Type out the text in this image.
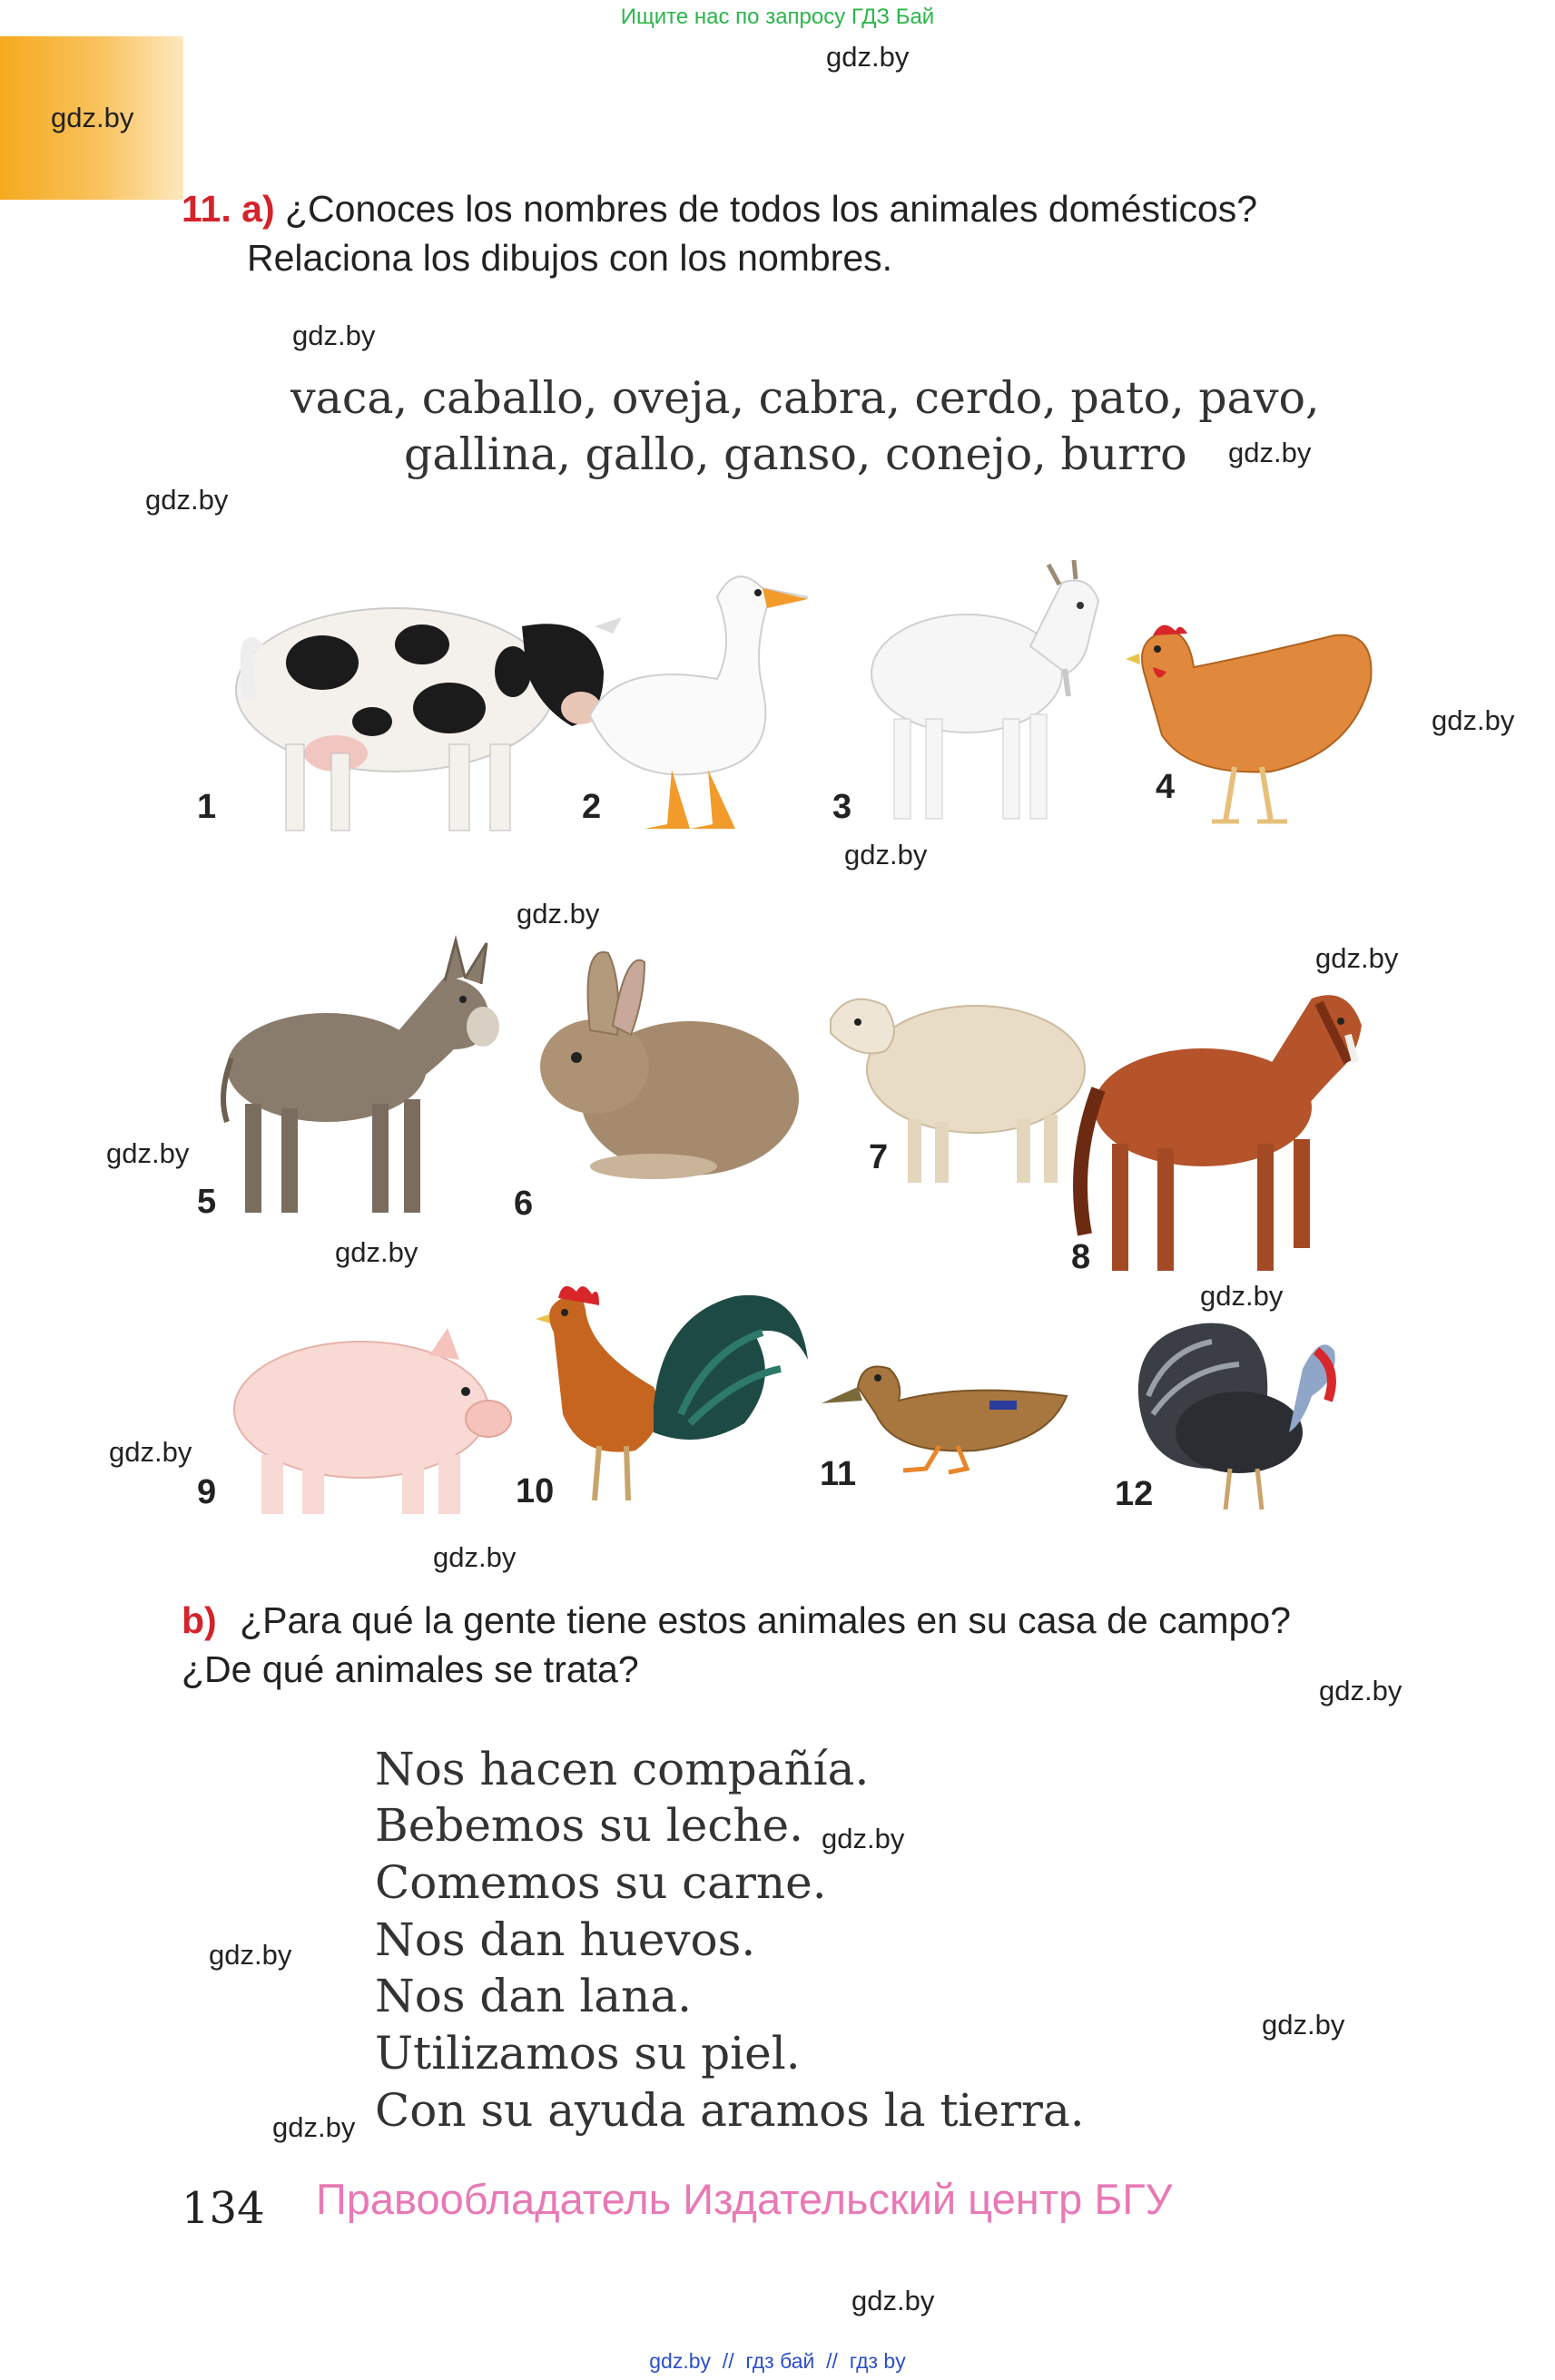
Ищите нас по запросу ГДЗ Бай
gdz.by
gdz.by
11. a) ¿Conoces los nombres de todos los animales domésticos?
Relaciona los dibujos con los nombres.
vaca, caballo, oveja, cabra, cerdo, pato, pavo,
gallina, gallo, ganso, conejo, burro
gdz.by
gdz.by
gdz.by
gdz.by
gdz.by
gdz.by
gdz.by
gdz.by
gdz.by
gdz.by
gdz.by
gdz.by
gdz.by
gdz.by
gdz.by
gdz.by
gdz.by
1	2	3
4
5	6
7
8
9	10	11
12
b) ¿Para qué la gente tiene estos animales en su casa de campo?
¿De qué animales se trata?
Nos hacen compañía.
Bebemos su leche.
Comemos su carne.
Nos dan huevos.
Nos dan lana.
Utilizamos su piel.
Con su ayuda aramos la tierra.
134 Правообладатель Издательский центр БГУ
gdz.by
gdz.by  //  гдз бай  //  гдз by
